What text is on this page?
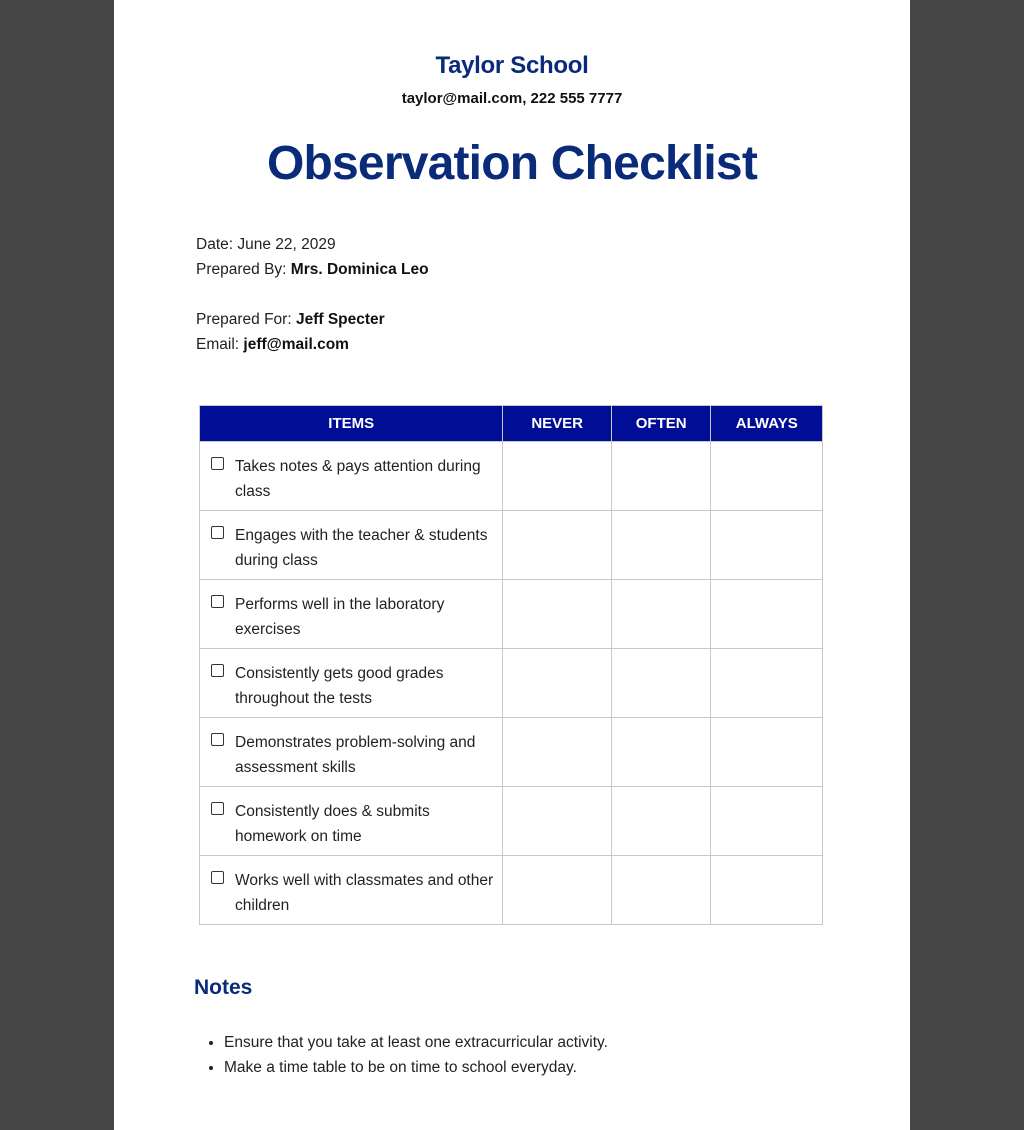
Taylor School
taylor@mail.com, 222 555 7777
Observation Checklist
Date: June 22, 2029
Prepared By: Mrs. Dominica Leo
Prepared For: Jeff Specter
Email: jeff@mail.com
ITEMS	NEVER	OFTEN	ALWAYS

Takes notes & pays attention during class			

Engages with the teacher & students during class			

Performs well in the laboratory exercises			

Consistently gets good grades throughout the tests			

Demonstrates problem-solving and assessment skills			

Consistently does & submits homework on time			

Works well with classmates and other children			
Notes
• Ensure that you take at least one extracurricular activity.
• Make a time table to be on time to school everyday.
